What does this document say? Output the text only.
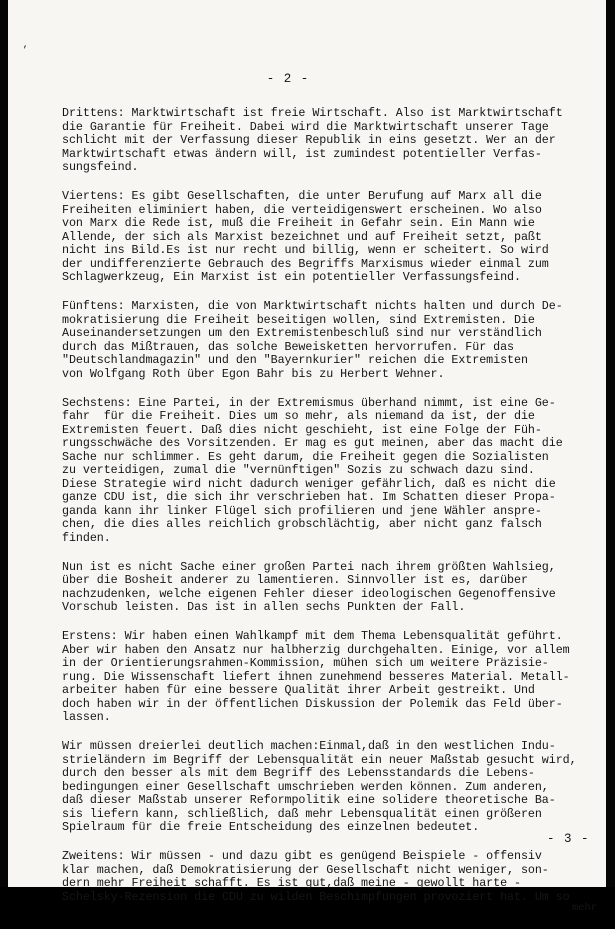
’
- 2 -
Drittens: Marktwirtschaft ist freie Wirtschaft. Also ist Marktwirtschaft
die Garantie für Freiheit. Dabei wird die Marktwirtschaft unserer Tage
schlicht mit der Verfassung dieser Republik in eins gesetzt. Wer an der
Marktwirtschaft etwas ändern will, ist zumindest potentieller Verfas-
sungsfeind.
Viertens: Es gibt Gesellschaften, die unter Berufung auf Marx all die
Freiheiten eliminiert haben, die verteidigenswert erscheinen. Wo also
von Marx die Rede ist, muß die Freiheit in Gefahr sein. Ein Mann wie
Allende, der sich als Marxist bezeichnet und auf Freiheit setzt, paßt
nicht ins Bild.Es ist nur recht und billig, wenn er scheitert. So wird
der undifferenzierte Gebrauch des Begriffs Marxismus wieder einmal zum
Schlagwerkzeug, Ein Marxist ist ein potentieller Verfassungsfeind.
Fünftens: Marxisten, die von Marktwirtschaft nichts halten und durch De-
mokratisierung die Freiheit beseitigen wollen, sind Extremisten. Die
Auseinandersetzungen um den Extremistenbeschluß sind nur verständlich
durch das Mißtrauen, das solche Beweisketten hervorrufen. Für das
"Deutschlandmagazin" und den "Bayernkurier" reichen die Extremisten
von Wolfgang Roth über Egon Bahr bis zu Herbert Wehner.
Sechstens: Eine Partei, in der Extremismus überhand nimmt, ist eine Ge-
fahr  für die Freiheit. Dies um so mehr, als niemand da ist, der die
Extremisten feuert. Daß dies nicht geschieht, ist eine Folge der Füh-
rungsschwäche des Vorsitzenden. Er mag es gut meinen, aber das macht die
Sache nur schlimmer. Es geht darum, die Freiheit gegen die Sozialisten
zu verteidigen, zumal die "vernünftigen" Sozis zu schwach dazu sind.
Diese Strategie wird nicht dadurch weniger gefährlich, daß es nicht die
ganze CDU ist, die sich ihr verschrieben hat. Im Schatten dieser Propa-
ganda kann ihr linker Flügel sich profilieren und jene Wähler anspre-
chen, die dies alles reichlich grobschlächtig, aber nicht ganz falsch
finden.
Nun ist es nicht Sache einer großen Partei nach ihrem größten Wahlsieg,
über die Bosheit anderer zu lamentieren. Sinnvoller ist es, darüber
nachzudenken, welche eigenen Fehler dieser ideologischen Gegenoffensive
Vorschub leisten. Das ist in allen sechs Punkten der Fall.
Erstens: Wir haben einen Wahlkampf mit dem Thema Lebensqualität geführt.
Aber wir haben den Ansatz nur halbherzig durchgehalten. Einige, vor allem
in der Orientierungsrahmen-Kommission, mühen sich um weitere Präzisie-
rung. Die Wissenschaft liefert ihnen zunehmend besseres Material. Metall-
arbeiter haben für eine bessere Qualität ihrer Arbeit gestreikt. Und
doch haben wir in der öffentlichen Diskussion der Polemik das Feld über-
lassen.
Wir müssen dreierlei deutlich machen:Einmal,daß in den westlichen Indu-
strieländern im Begriff der Lebensqualität ein neuer Maßstab gesucht wird,
durch den besser als mit dem Begriff des Lebensstandards die Lebens-
bedingungen einer Gesellschaft umschrieben werden können. Zum anderen,
daß dieser Maßstab unserer Reformpolitik eine solidere theoretische Ba-
sis liefern kann, schließlich, daß mehr Lebensqualität einen größeren
Spielraum für die freie Entscheidung des einzelnen bedeutet.
Zweitens: Wir müssen - und dazu gibt es genügend Beispiele - offensiv
klar machen, daß Demokratisierung der Gesellschaft nicht weniger, son-
dern mehr Freiheit schafft. Es ist gut,daß meine - gewollt harte -
Schelsky-Rezension die CDU zu wilden Beschimpfungen provoziert hat. Um so
mehr
- 3 -
